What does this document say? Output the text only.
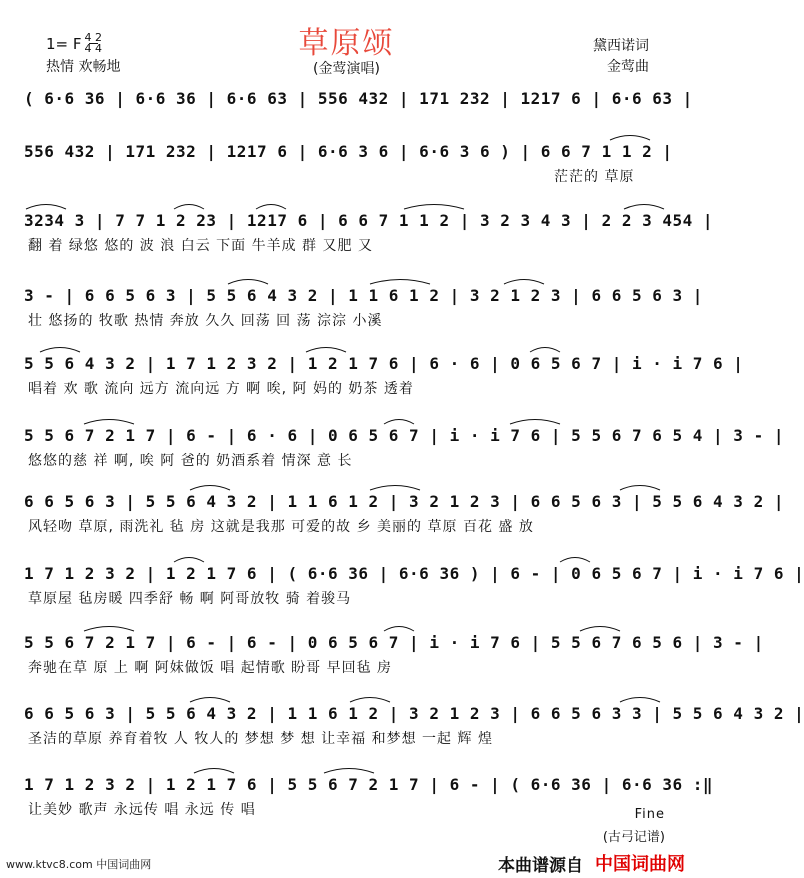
1= F $\frac{4 2}{4 4}$
热情 欢畅地
草原颂
(金莺演唱)
黛西诺词
金莺曲
( 6·6 36 | 6·6 36 | 6·6 63 | 556 432 | 171 232 | 1217 6 | 6·6 63 |
556 432 | 171 232 | 1217 6 | 6·6 3 6 | 6·6 3 6 ) | 6 6 7 1 1 2 |
茫茫的 草原
3234 3 | 7 7 1 2 23 | 1217 6 | 6 6 7 1 1 2 | 3 2 3 4 3 | 2 2 3 454 |
翻 着 绿悠 悠的 波 浪 白云 下面 牛羊成 群 又肥 又
3 - | 6 6 5 6 3 | 5 5 6 4 3 2 | 1 1 6 1 2 | 3 2 1 2 3 | 6 6 5 6 3 |
壮 悠扬的 牧歌 热情 奔放 久久 回荡 回 荡 淙淙 小溪
5 5 6 4 3 2 | 1 7 1 2 3 2 | 1 2 1 7 6 | 6 · 6 | 0 6 5 6 7 | i · i 7 6 |
唱着 欢 歌 流向 远方 流向远 方 啊 唉, 阿 妈的 奶茶 透着
5 5 6 7 2 1 7 | 6 - | 6 · 6 | 0 6 5 6 7 | i · i 7 6 | 5 5 6 7 6 5 4 | 3 - |
悠悠的慈 祥 啊, 唉 阿 爸的 奶酒系着 情深 意 长
6 6 5 6 3 | 5 5 6 4 3 2 | 1 1 6 1 2 | 3 2 1 2 3 | 6 6 5 6 3 | 5 5 6 4 3 2 |
风轻吻 草原, 雨洗礼 毡 房 这就是我那 可爱的故 乡 美丽的 草原 百花 盛 放
1 7 1 2 3 2 | 1 2 1 7 6 | ( 6·6 36 | 6·6 36 ) | 6 - | 0 6 5 6 7 | i · i 7 6 |
草原屋 毡房暖 四季舒 畅 啊 阿哥放牧 骑 着骏马
5 5 6 7 2 1 7 | 6 - | 6 - | 0 6 5 6 7 | i · i 7 6 | 5 5 6 7 6 5 6 | 3 - |
奔驰在草 原 上 啊 阿妹做饭 唱 起情歌 盼哥 早回毡 房
6 6 5 6 3 | 5 5 6 4 3 2 | 1 1 6 1 2 | 3 2 1 2 3 | 6 6 5 6 3 3 | 5 5 6 4 3 2 |
圣洁的草原 养育着牧 人 牧人的 梦想 梦 想 让幸福 和梦想 一起 辉 煌
1 7 1 2 3 2 | 1 2 1 7 6 | 5 5 6 7 2 1 7 | 6 - | ( 6·6 36 | 6·6 36 :‖
让美妙 歌声 永远传 唱 永远 传 唱	Fine
(古弓记谱)
www.ktvc8.com 中国词曲网	本曲谱源自 中国词曲网
